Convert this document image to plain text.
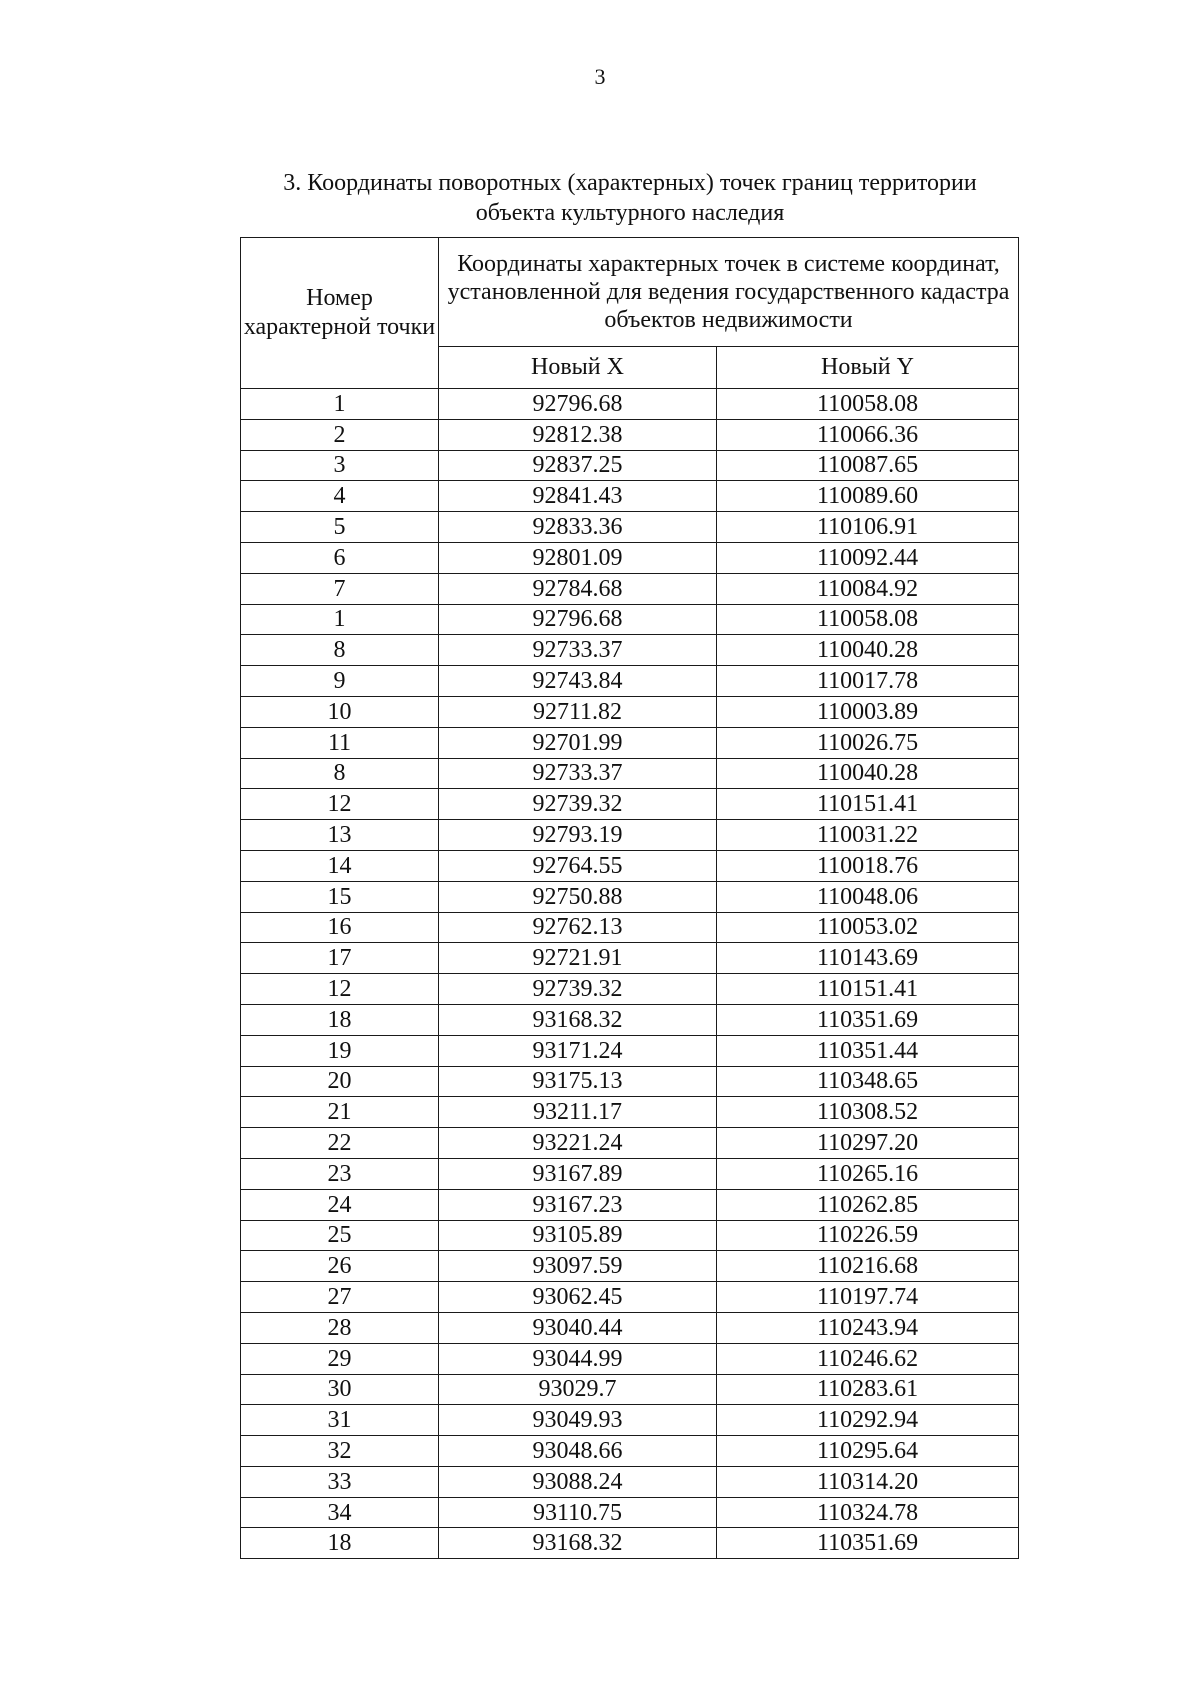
3
3. Координаты поворотных (характерных) точек границ территории
объекта культурного наследия
Номер характерной точки	Координаты характерных точек в системе координат, установленной для ведения государственного кадастра объектов недвижимости	
	Новый X	Новый Y
1	92796.68	110058.08
2	92812.38	110066.36
3	92837.25	110087.65
4	92841.43	110089.60
5	92833.36	110106.91
6	92801.09	110092.44
7	92784.68	110084.92
1	92796.68	110058.08
8	92733.37	110040.28
9	92743.84	110017.78
10	92711.82	110003.89
11	92701.99	110026.75
8	92733.37	110040.28
12	92739.32	110151.41
13	92793.19	110031.22
14	92764.55	110018.76
15	92750.88	110048.06
16	92762.13	110053.02
17	92721.91	110143.69
12	92739.32	110151.41
18	93168.32	110351.69
19	93171.24	110351.44
20	93175.13	110348.65
21	93211.17	110308.52
22	93221.24	110297.20
23	93167.89	110265.16
24	93167.23	110262.85
25	93105.89	110226.59
26	93097.59	110216.68
27	93062.45	110197.74
28	93040.44	110243.94
29	93044.99	110246.62
30	93029.7	110283.61
31	93049.93	110292.94
32	93048.66	110295.64
33	93088.24	110314.20
34	93110.75	110324.78
18	93168.32	110351.69
